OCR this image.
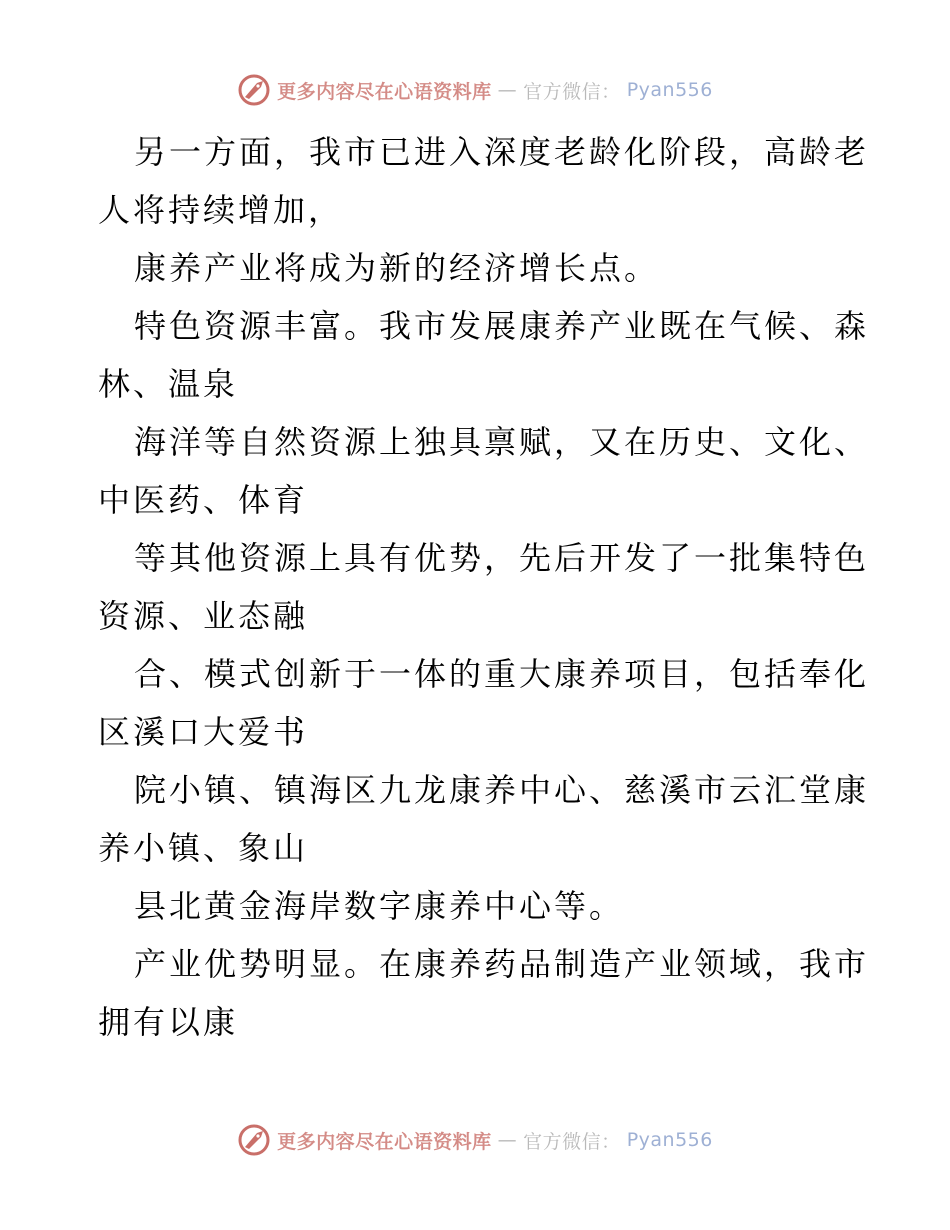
更多内容尽在心语资料库 — 官方微信： Pyan556
另一方面，我市已进入深度老龄化阶段，高龄老
人将持续增加，
康养产业将成为新的经济增长点。
特色资源丰富。我市发展康养产业既在气候、森
林、温泉
海洋等自然资源上独具禀赋，又在历史、文化、
中医药、体育
等其他资源上具有优势，先后开发了一批集特色
资源、业态融
合、模式创新于一体的重大康养项目，包括奉化
区溪口大爱书
院小镇、镇海区九龙康养中心、慈溪市云汇堂康
养小镇、象山
县北黄金海岸数字康养中心等。
产业优势明显。在康养药品制造产业领域，我市
拥有以康
更多内容尽在心语资料库 — 官方微信： Pyan556
